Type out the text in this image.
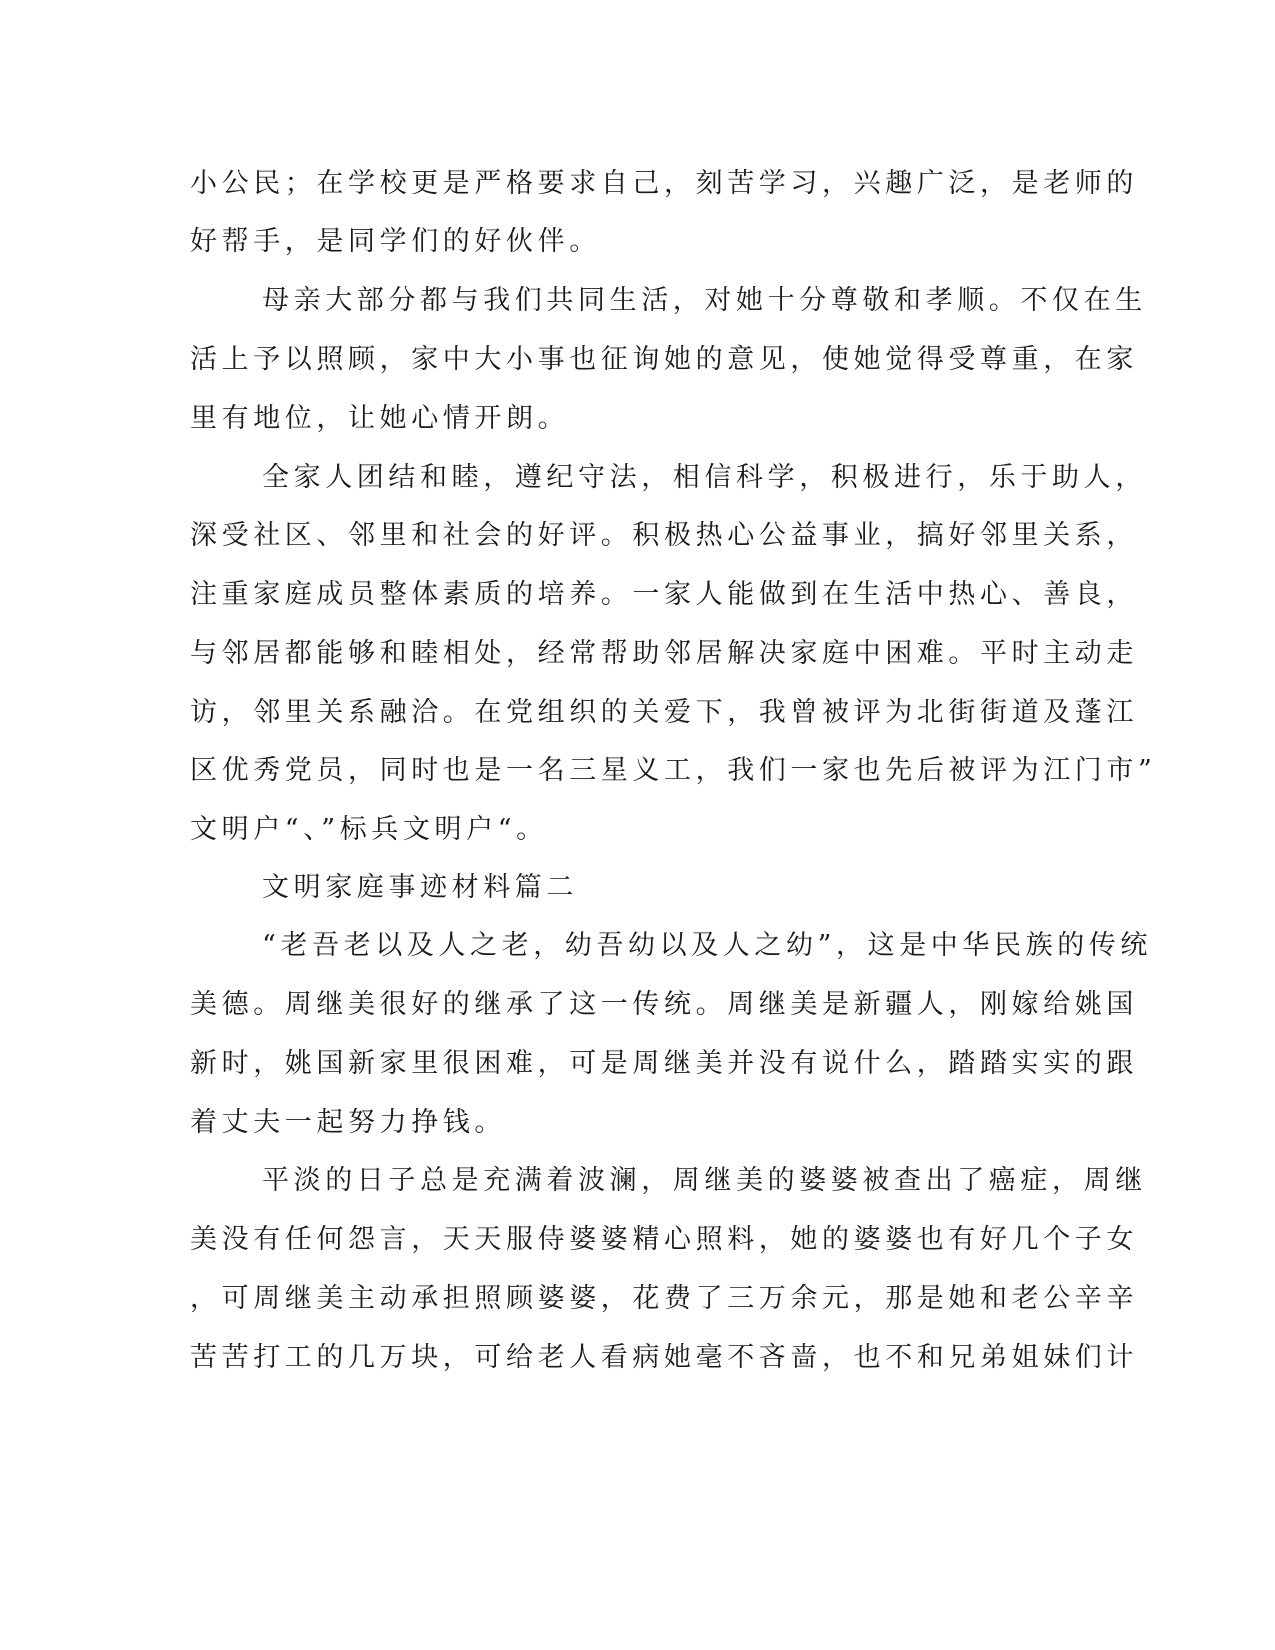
小公民；在学校更是严格要求自己，刻苦学习，兴趣广泛，是老师的
好帮手，是同学们的好伙伴。
母亲大部分都与我们共同生活，对她十分尊敬和孝顺。不仅在生
活上予以照顾，家中大小事也征询她的意见，使她觉得受尊重，在家
里有地位，让她心情开朗。
全家人团结和睦，遵纪守法，相信科学，积极进行，乐于助人，
深受社区、邻里和社会的好评。积极热心公益事业，搞好邻里关系，
注重家庭成员整体素质的培养。一家人能做到在生活中热心、善良，
与邻居都能够和睦相处，经常帮助邻居解决家庭中困难。平时主动走
访，邻里关系融洽。在党组织的关爱下，我曾被评为北街街道及蓬江
区优秀党员，同时也是一名三星义工，我们一家也先后被评为江门市”
文明户“、”标兵文明户“。
文明家庭事迹材料篇二
“老吾老以及人之老，幼吾幼以及人之幼”，这是中华民族的传统
美德。周继美很好的继承了这一传统。周继美是新疆人，刚嫁给姚国
新时，姚国新家里很困难，可是周继美并没有说什么，踏踏实实的跟
着丈夫一起努力挣钱。
平淡的日子总是充满着波澜，周继美的婆婆被查出了癌症，周继
美没有任何怨言，天天服侍婆婆精心照料，她的婆婆也有好几个子女
，可周继美主动承担照顾婆婆，花费了三万余元，那是她和老公辛辛
苦苦打工的几万块，可给老人看病她毫不吝啬，也不和兄弟姐妹们计
